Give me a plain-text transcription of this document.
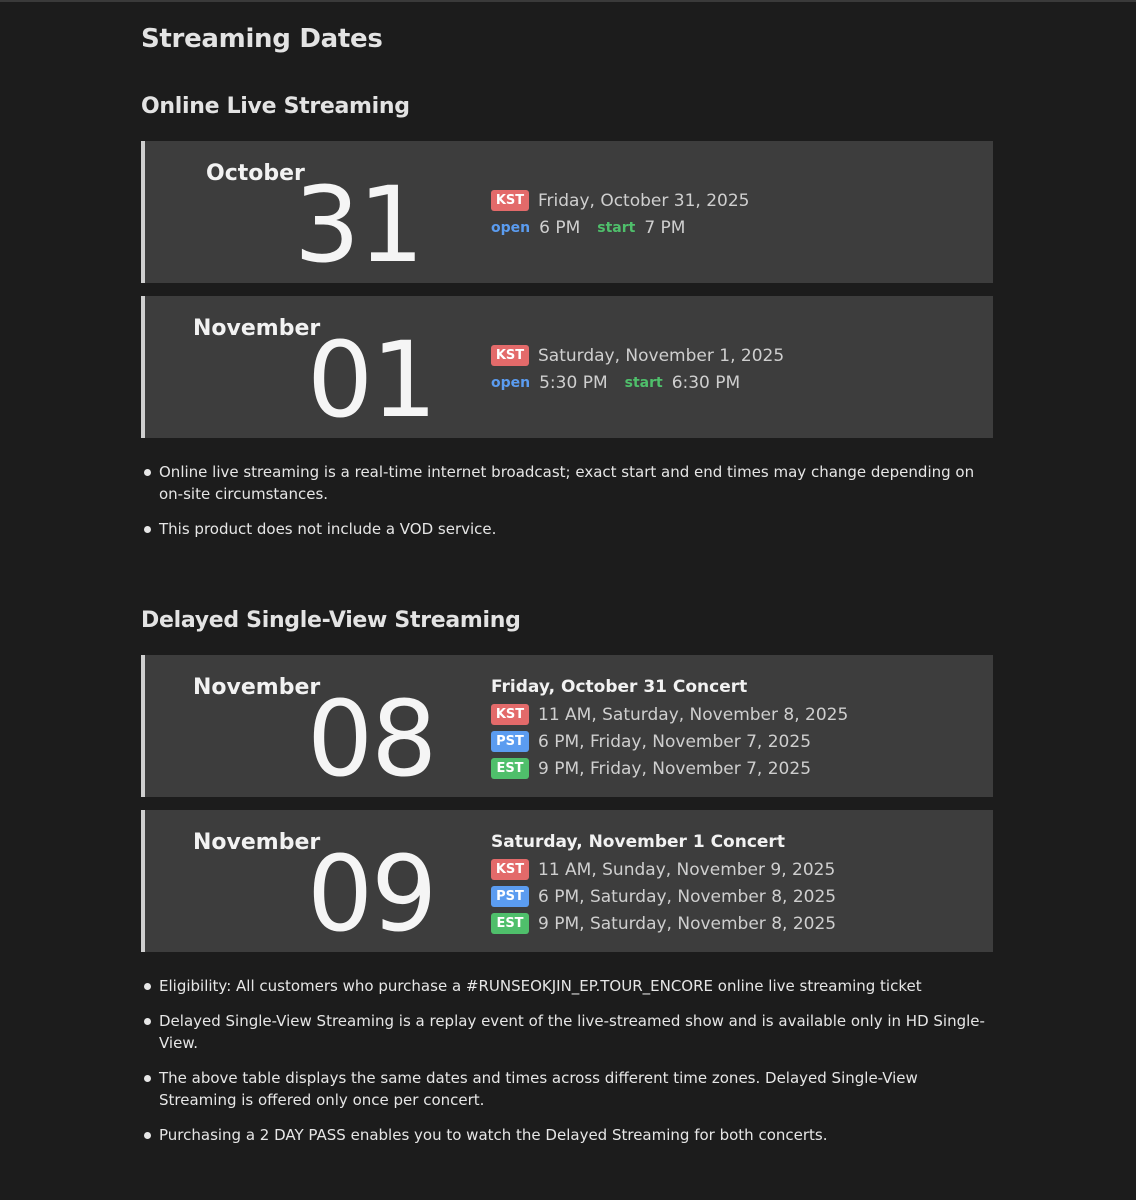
Streaming Dates
Online Live Streaming
October
31	KST Friday, October 31, 2025
open 6 PM start 7 PM
November
01	KST Saturday, November 1, 2025
open 5:30 PM start 6:30 PM
Online live streaming is a real-time internet broadcast; exact start and end times may change depending on on-site circumstances.
This product does not include a VOD service.
Delayed Single-View Streaming
November
08	Friday, October 31 Concert
KST 11 AM, Saturday, November 8, 2025
PST 6 PM, Friday, November 7, 2025
EST 9 PM, Friday, November 7, 2025
November
09	Saturday, November 1 Concert
KST 11 AM, Sunday, November 9, 2025
PST 6 PM, Saturday, November 8, 2025
EST 9 PM, Saturday, November 8, 2025
Eligibility: All customers who purchase a #RUNSEOKJIN_EP.TOUR_ENCORE online live streaming ticket
Delayed Single-View Streaming is a replay event of the live-streamed show and is available only in HD Single-View.
The above table displays the same dates and times across different time zones. Delayed Single-View Streaming is offered only once per concert.
Purchasing a 2 DAY PASS enables you to watch the Delayed Streaming for both concerts.
